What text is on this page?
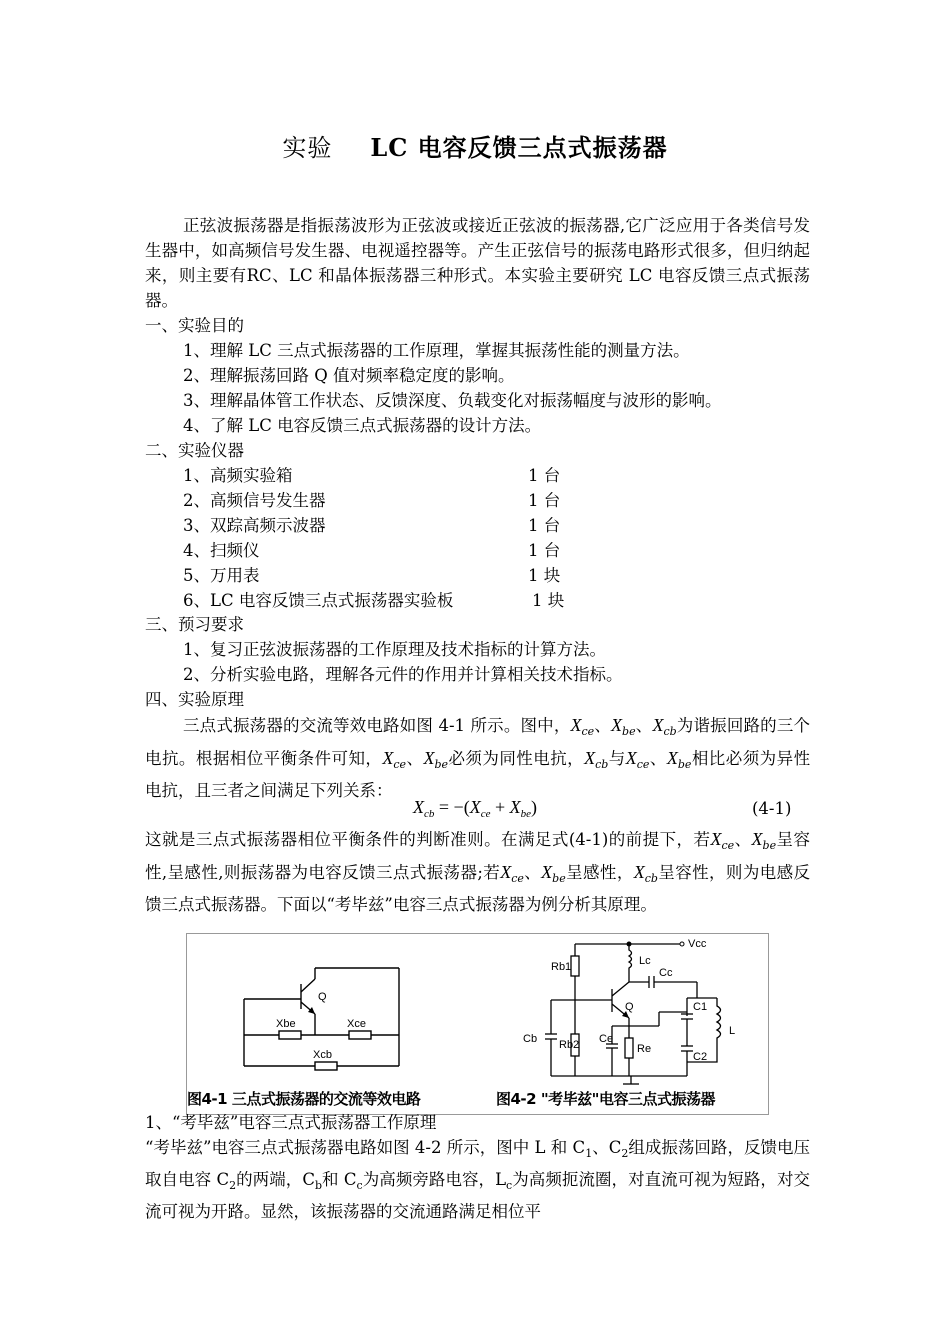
实验 LC 电容反馈三点式振荡器
正弦波振荡器是指振荡波形为正弦波或接近正弦波的振荡器,它广泛应用于各类信号发生器中，如高频信号发生器、电视遥控器等。产生正弦信号的振荡电路形式很多，但归纳起来，则主要有RC、LC 和晶体振荡器三种形式。本实验主要研究 LC 电容反馈三点式振荡器。
一、实验目的
1、理解 LC 三点式振荡器的工作原理，掌握其振荡性能的测量方法。
2、理解振荡回路 Q 值对频率稳定度的影响。
3、理解晶体管工作状态、反馈深度、负载变化对振荡幅度与波形的影响。
4、了解 LC 电容反馈三点式振荡器的设计方法。
二、实验仪器
1、高频实验箱	1 台
2、高频信号发生器	1 台
3、双踪高频示波器	1 台
4、扫频仪	1 台
5、万用表	1 块
6、LC 电容反馈三点式振荡器实验板	1 块
三、预习要求
1、复习正弦波振荡器的工作原理及技术指标的计算方法。
2、分析实验电路，理解各元件的作用并计算相关技术指标。
四、实验原理
三点式振荡器的交流等效电路如图 4-1 所示。图中，$X_{ce}$、$X_{be}$、$X_{cb}$为谐振回路的三个电抗。根据相位平衡条件可知，$X_{ce}$、$X_{be}$必须为同性电抗，$X_{cb}$与$X_{ce}$、$X_{be}$相比必须为异性电抗，且三者之间满足下列关系：
$X_{cb} = -(X_{ce} + X_{be})$	(4-1)
这就是三点式振荡器相位平衡条件的判断准则。在满足式(4-1)的前提下，若$X_{ce}$、$X_{be}$呈容性,呈感性,则振荡器为电容反馈三点式振荡器;若$X_{ce}$、$X_{be}$呈感性，$X_{cb}$呈容性，则为电感反馈三点式振荡器。下面以“考毕兹”电容三点式振荡器为例分析其原理。
Q
Xbe	Xce
Xcb
Vcc
Rb1
Rb2
Lc
Cc
Q	C1
C2
L
Cb	Ce
Re
图4-1 三点式振荡器的交流等效电路	图4-2 "考毕兹"电容三点式振荡器
1、“考毕兹”电容三点式振荡器工作原理
“考毕兹”电容三点式振荡器电路如图 4-2 所示，图中 L 和 $C_1$、$C_2$组成振荡回路，反馈电压取自电容 $C_2$的两端，$C_b$和 $C_c$为高频旁路电容，$L_c$为高频扼流圈，对直流可视为短路，对交流可视为开路。显然，该振荡器的交流通路满足相位平
